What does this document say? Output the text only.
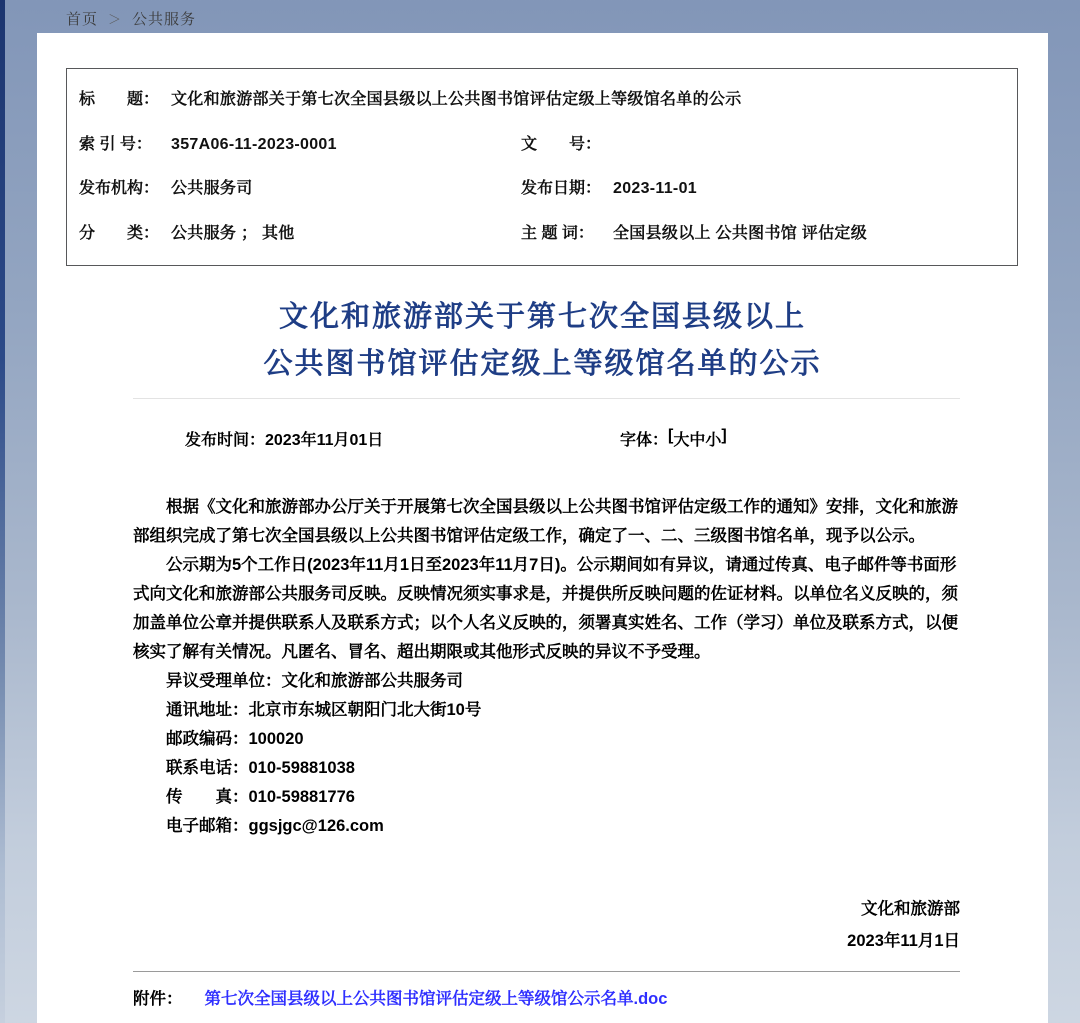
首页 ＞ 公共服务
标　　题： 文化和旅游部关于第七次全国县级以上公共图书馆评估定级上等级馆名单的公示
索 引 号：	357A06-11-2023-0001	文　　号：
发布机构： 公共服务司	发布日期： 2023-11-01
分　　类： 公共服务 ； 其他	主 题 词：	全国县级以上 公共图书馆 评估定级
文化和旅游部关于第七次全国县级以上
公共图书馆评估定级上等级馆名单的公示
发布时间：2023年11月01日	字体： [ 大 中 小 ]

根据《文化和旅游部办公厅关于开展第七次全国县级以上公共图书馆评估定级工作的通知》安排，文化和旅游部组织完成了第七次全国县级以上公共图书馆评估定级工作，确定了一、二、三级图书馆名单，现予以公示。

公示期为5个工作日(2023年11月1日至2023年11月7日)。公示期间如有异议，请通过传真、电子邮件等书面形式向文化和旅游部公共服务司反映。反映情况须实事求是，并提供所反映问题的佐证材料。以单位名义反映的，须加盖单位公章并提供联系人及联系方式；以个人名义反映的，须署真实姓名、工作（学习）单位及联系方式，以便核实了解有关情况。凡匿名、冒名、超出期限或其他形式反映的异议不予受理。

异议受理单位：文化和旅游部公共服务司
通讯地址：北京市东城区朝阳门北大街10号
邮政编码：100020
联系电话：010-59881038
传　　真：010-59881776
电子邮箱：ggsjgc@126.com
文化和旅游部
2023年11月1日
附件： 第七次全国县级以上公共图书馆评估定级上等级馆公示名单.doc
